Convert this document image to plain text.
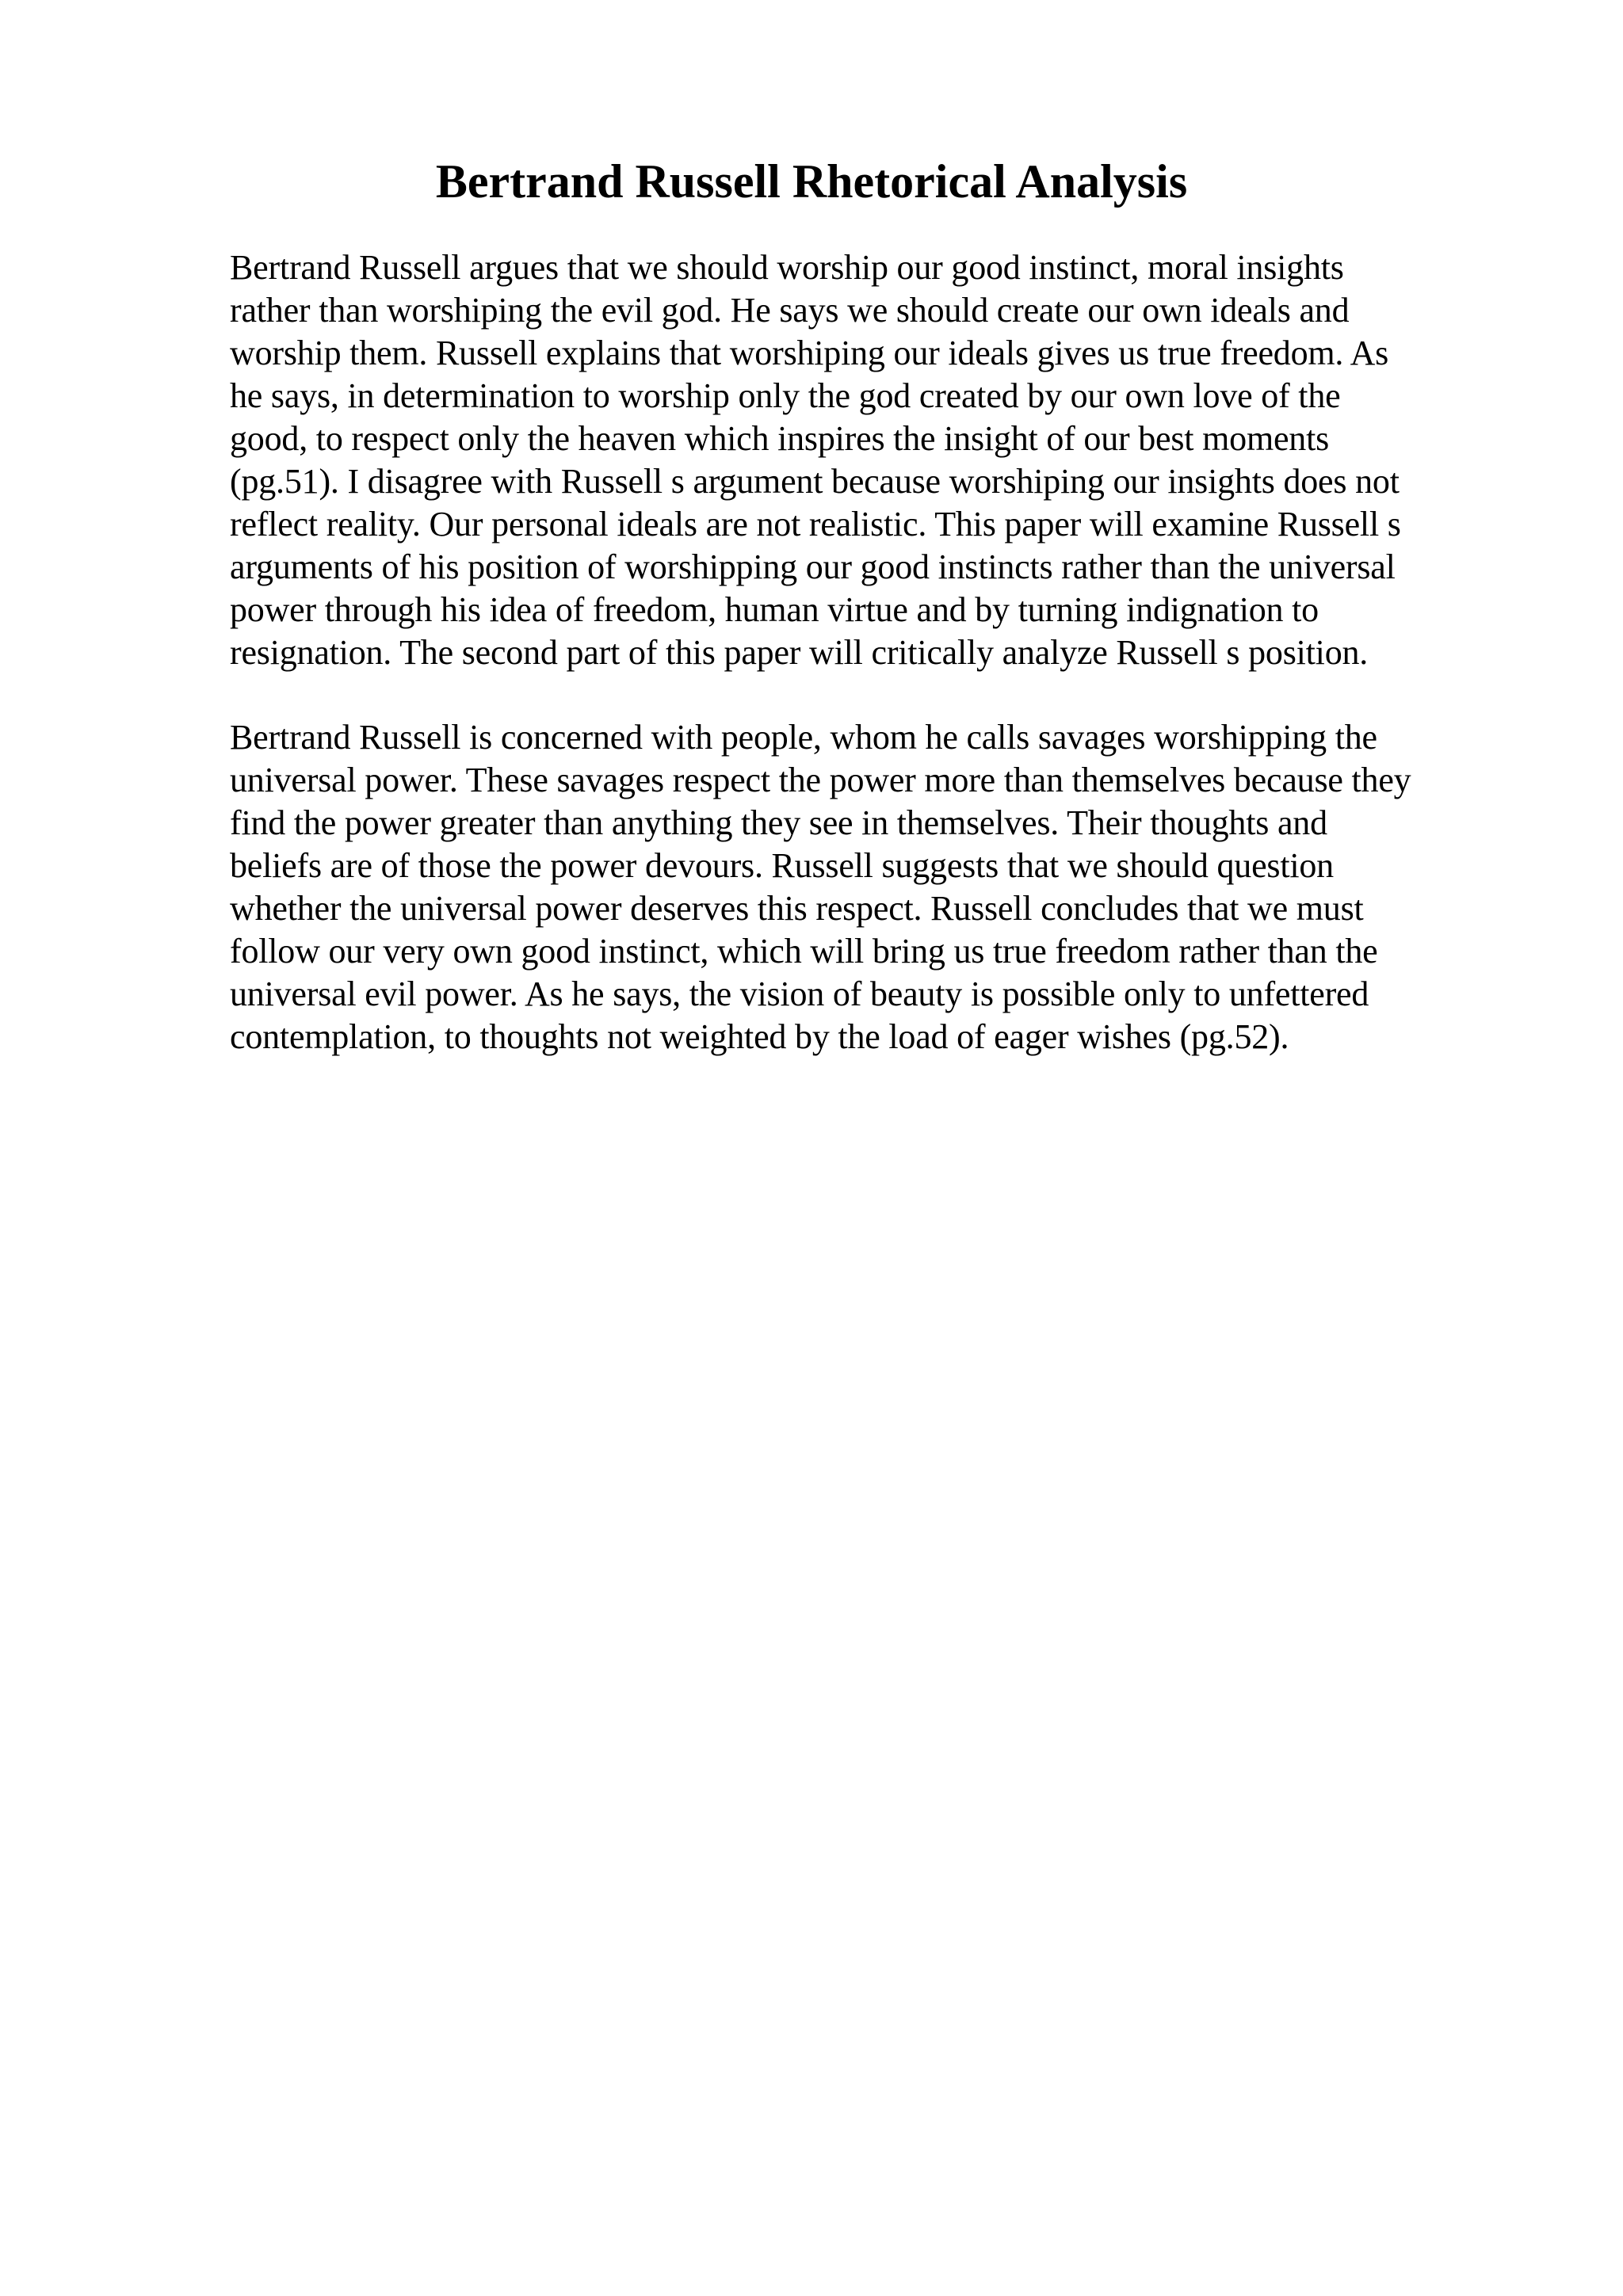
Bertrand Russell Rhetorical Analysis

Bertrand Russell argues that we should worship our good instinct, moral insights
rather than worshiping the evil god. He says we should create our own ideals and
worship them. Russell explains that worshiping our ideals gives us true freedom. As
he says, in determination to worship only the god created by our own love of the
good, to respect only the heaven which inspires the insight of our best moments
(pg.51). I disagree with Russell s argument because worshiping our insights does not
reflect reality. Our personal ideals are not realistic. This paper will examine Russell s
arguments of his position of worshipping our good instincts rather than the universal
power through his idea of freedom, human virtue and by turning indignation to
resignation. The second part of this paper will critically analyze Russell s position.

Bertrand Russell is concerned with people, whom he calls savages worshipping the
universal power. These savages respect the power more than themselves because they
find the power greater than anything they see in themselves. Their thoughts and
beliefs are of those the power devours. Russell suggests that we should question
whether the universal power deserves this respect. Russell concludes that we must
follow our very own good instinct, which will bring us true freedom rather than the
universal evil power. As he says, the vision of beauty is possible only to unfettered
contemplation, to thoughts not weighted by the load of eager wishes (pg.52).
